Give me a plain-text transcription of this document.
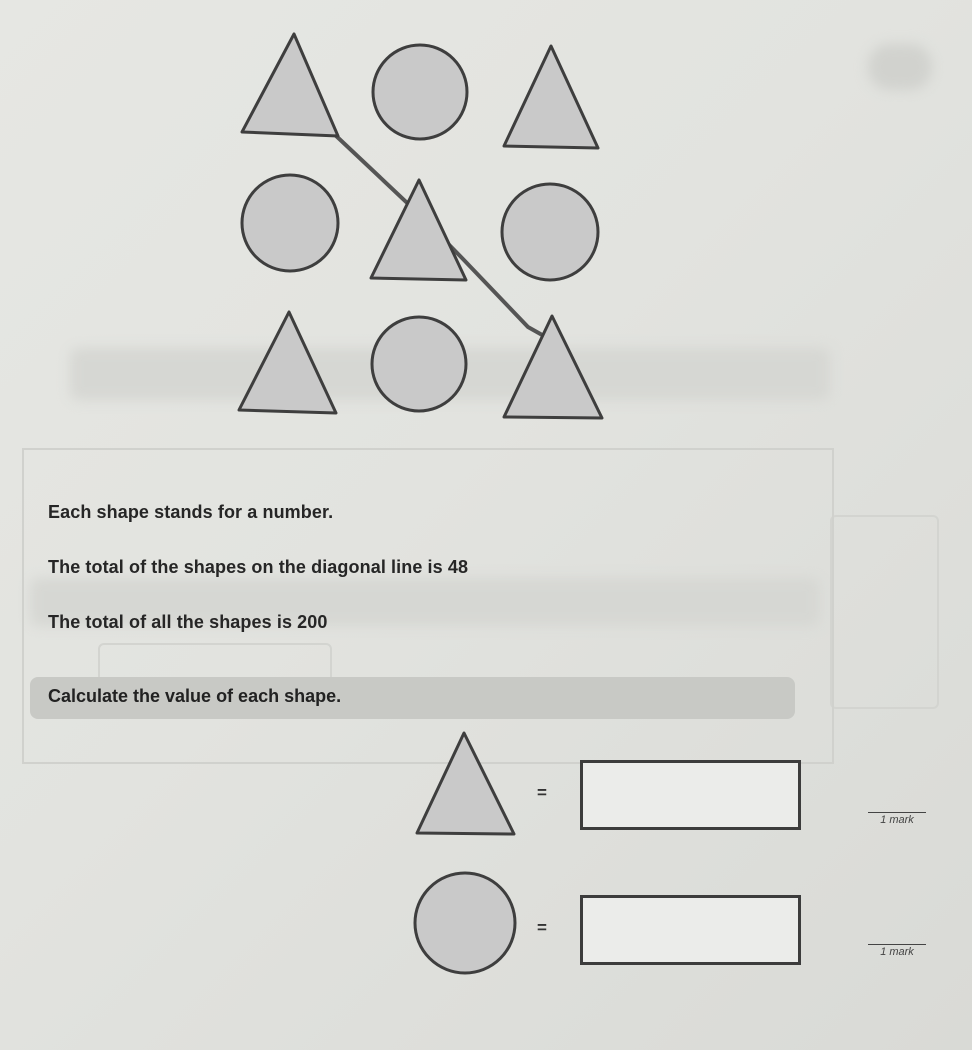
Each shape stands for a number.

The total of the shapes on the diagonal line is 48

The total of all the shapes is 200

Calculate the value of each shape.

=
1 mark
=
1 mark
